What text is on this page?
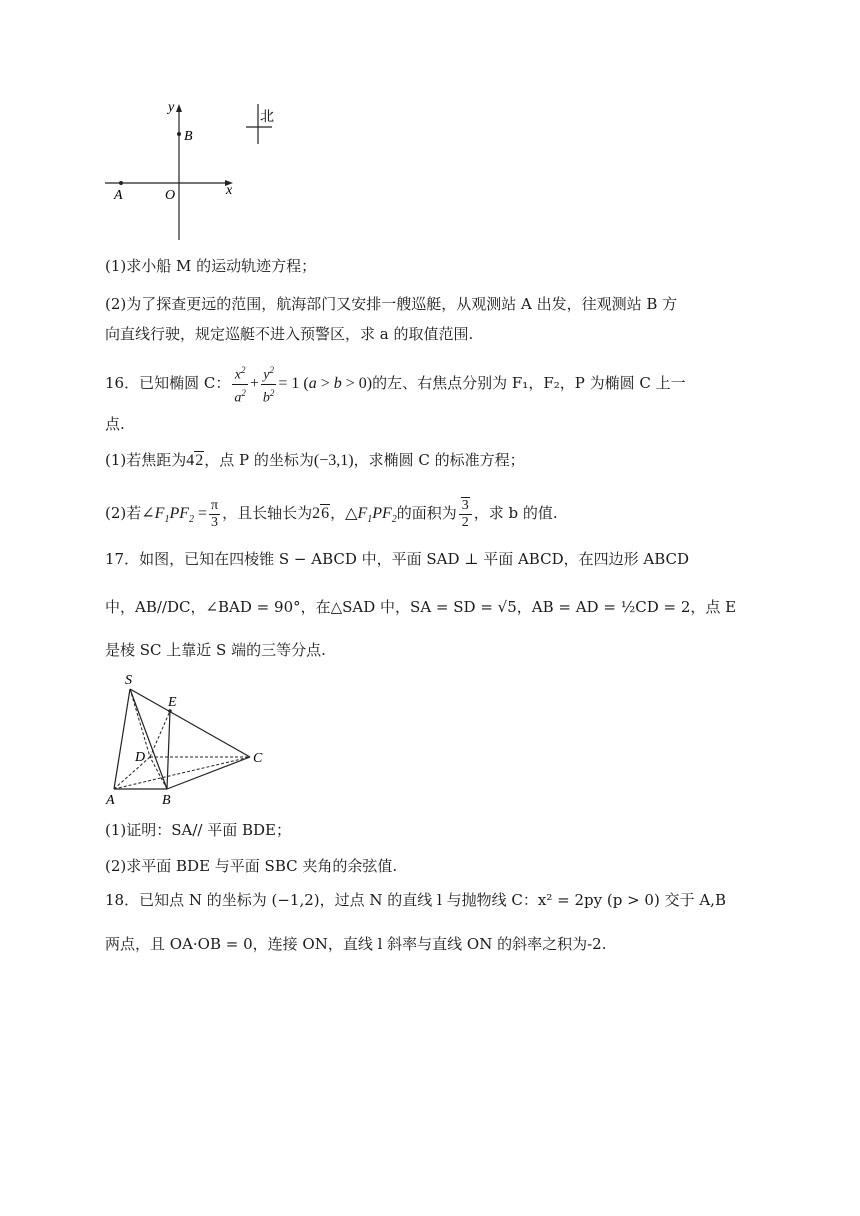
y
x
B
A	O
北
(1)求小船 M 的运动轨迹方程；
(2)为了探查更远的范围，航海部门又安排一艘巡艇，从观测站 A 出发，往观测站 B 方
向直线行驶，规定巡艇不进入预警区，求 a 的取值范围.
16．已知椭圆 C： $\frac{x^2}{a^2} + \frac{y^2}{b^2} = 1$ (a > b > 0)的左、右焦点分别为 F₁，F₂，P 为椭圆 C 上一
点.
(1)若焦距为42，点 P 的坐标为(−3,1)，求椭圆 C 的标准方程；
(2)若$\angle F_1PF_2 = \frac{\pi}{3}$ ，且长轴长为26，$\triangle F_1PF_2$的面积为 $\frac{3}{2}$ ，求 b 的值.
17．如图，已知在四棱锥 S − ABCD 中，平面 SAD ⊥ 平面 ABCD，在四边形 ABCD
中，AB//DC，∠BAD = 90°，在△SAD 中，SA = SD = √5，AB = AD = ½CD = 2，点 E
是棱 SC 上靠近 S 端的三等分点.
S
E
D	C
A	B
(1)证明：SA// 平面 BDE；
(2)求平面 BDE 与平面 SBC 夹角的余弦值.
18．已知点 N 的坐标为 (−1,2)，过点 N 的直线 l 与抛物线 C：x² = 2py (p > 0) 交于 A,B
两点，且 OA·OB = 0，连接 ON，直线 l 斜率与直线 ON 的斜率之积为-2.
